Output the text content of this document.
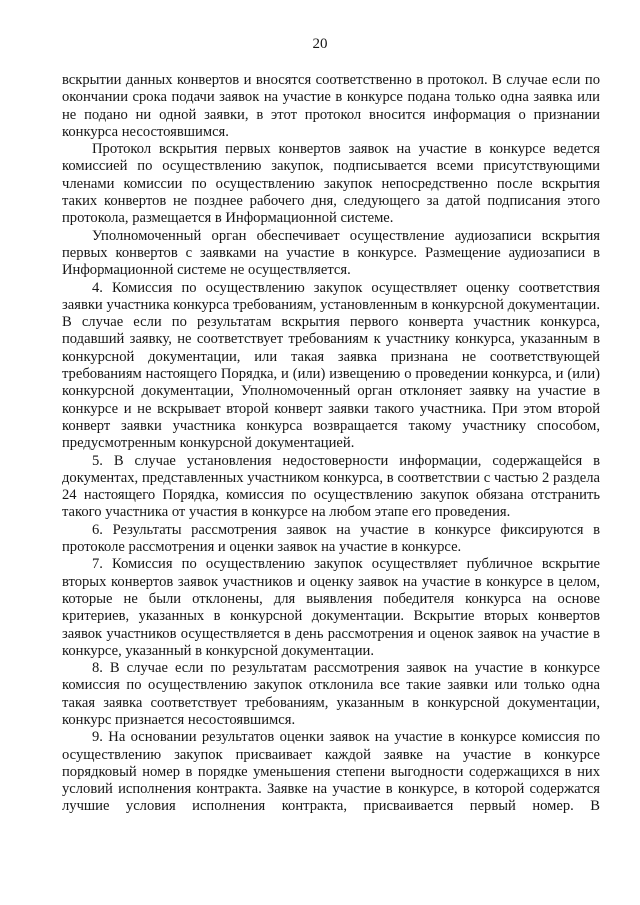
20

вскрытии данных конвертов и вносятся соответственно в протокол. В случае если по окончании срока подачи заявок на участие в конкурсе подана только одна заявка или не подано ни одной заявки, в этот протокол вносится информация о признании конкурса несостоявшимся.

Протокол вскрытия первых конвертов заявок на участие в конкурсе ведется комиссией по осуществлению закупок, подписывается всеми присутствующими членами комиссии по осуществлению закупок непосредственно после вскрытия таких конвертов не позднее рабочего дня, следующего за датой подписания этого протокола, размещается в Информационной системе.

Уполномоченный орган обеспечивает осуществление аудиозаписи вскрытия первых конвертов с заявками на участие в конкурсе. Размещение аудиозаписи в Информационной системе не осуществляется.

4. Комиссия по осуществлению закупок осуществляет оценку соответствия заявки участника конкурса требованиям, установленным в конкурсной документации. В случае если по результатам вскрытия первого конверта участник конкурса, подавший заявку, не соответствует требованиям к участнику конкурса, указанным в конкурсной документации, или такая заявка признана не соответствующей требованиям настоящего Порядка, и (или) извещению о проведении конкурса, и (или) конкурсной документации, Уполномоченный орган отклоняет заявку на участие в конкурсе и не вскрывает второй конверт заявки такого участника. При этом второй конверт заявки участника конкурса возвращается такому участнику способом, предусмотренным конкурсной документацией.

5. В случае установления недостоверности информации, содержащейся в документах, представленных участником конкурса, в соответствии с частью 2 раздела 24 настоящего Порядка, комиссия по осуществлению закупок обязана отстранить такого участника от участия в конкурсе на любом этапе его проведения.

6. Результаты рассмотрения заявок на участие в конкурсе фиксируются в протоколе рассмотрения и оценки заявок на участие в конкурсе.

7. Комиссия по осуществлению закупок осуществляет публичное вскрытие вторых конвертов заявок участников и оценку заявок на участие в конкурсе в целом, которые не были отклонены, для выявления победителя конкурса на основе критериев, указанных в конкурсной документации. Вскрытие вторых конвертов заявок участников осуществляется в день рассмотрения и оценок заявок на участие в конкурсе, указанный в конкурсной документации.

8. В случае если по результатам рассмотрения заявок на участие в конкурсе комиссия по осуществлению закупок отклонила все такие заявки или только одна такая заявка соответствует требованиям, указанным в конкурсной документации, конкурс признается несостоявшимся.

9. На основании результатов оценки заявок на участие в конкурсе комиссия по осуществлению закупок присваивает каждой заявке на участие в конкурсе порядковый номер в порядке уменьшения степени выгодности содержащихся в них условий исполнения контракта. Заявке на участие в конкурсе, в которой содержатся лучшие условия исполнения контракта, присваивается первый номер. В
